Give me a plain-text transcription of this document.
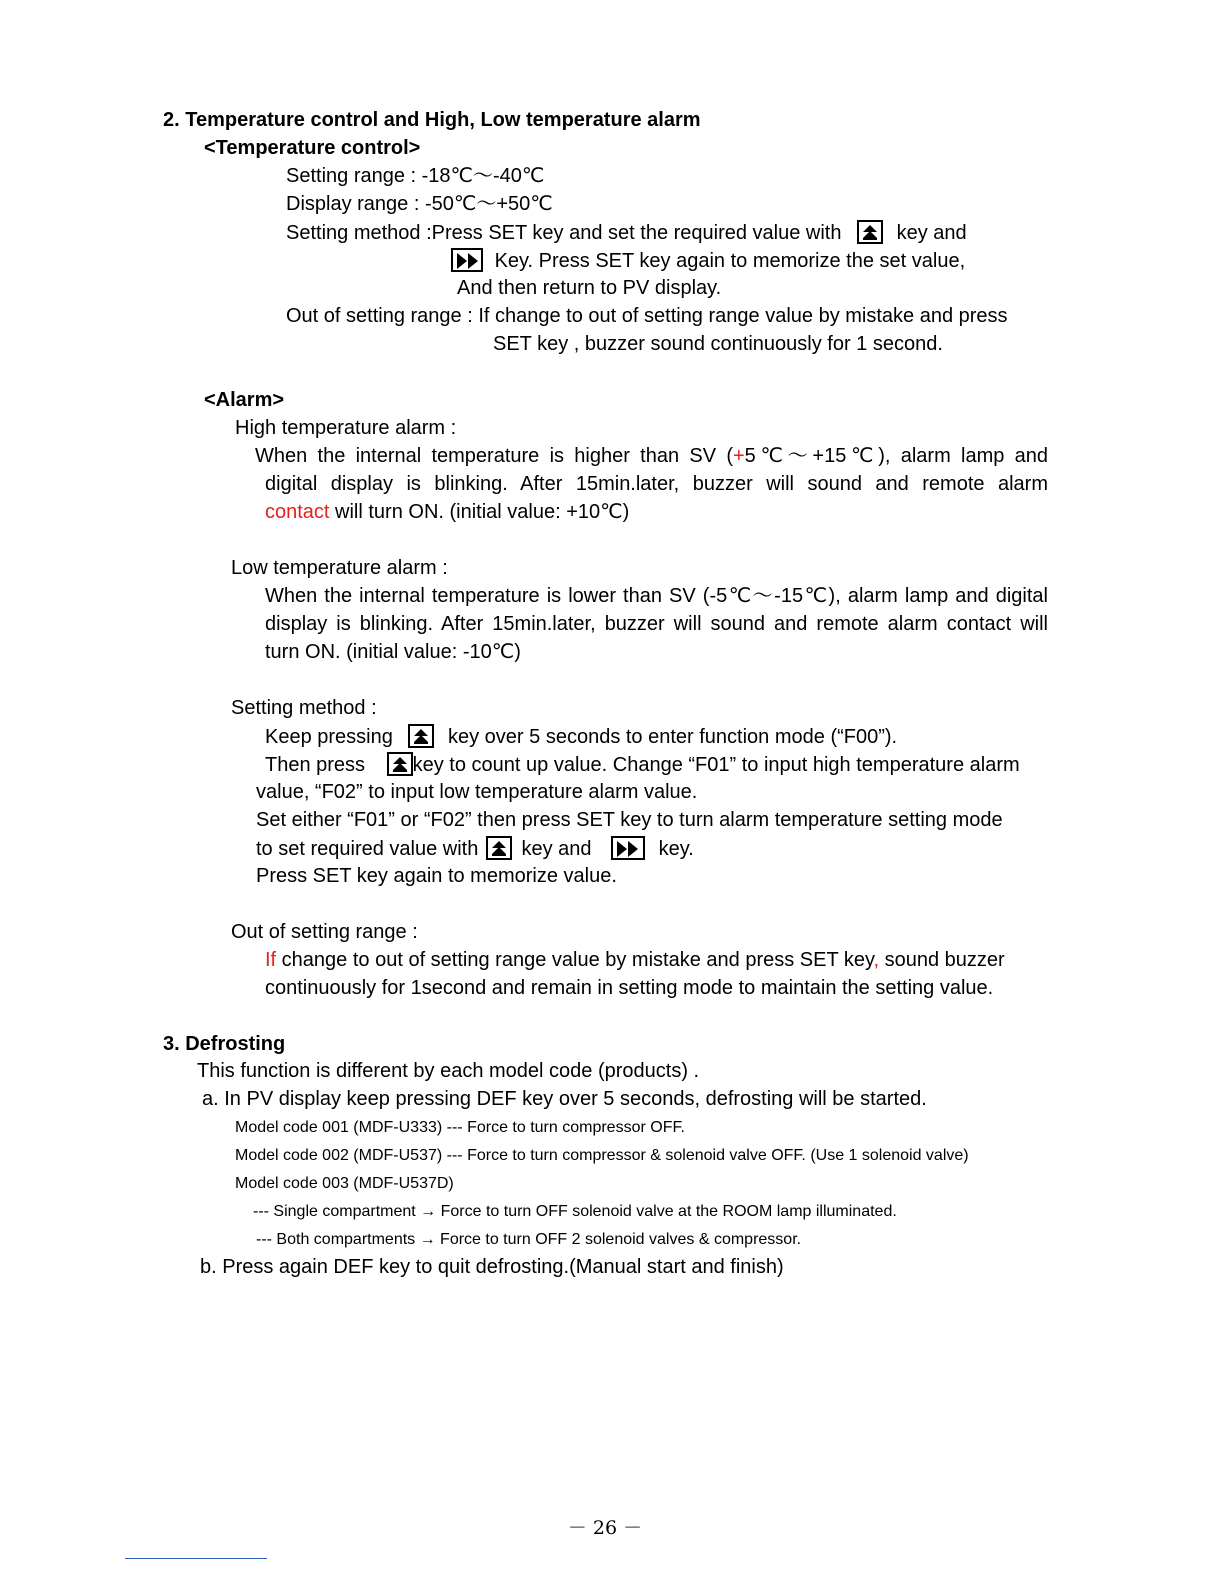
2. Temperature control and High, Low temperature alarm
<Temperature control>
Setting range : -18℃～-40℃
Display range : -50℃～+50℃
Setting method :Press SET key and set the required value with	key and
Key. Press SET key again to memorize the set value,
And then return to PV display.
Out of setting range : If change to out of setting range value by mistake and press
SET key , buzzer sound continuously for 1 second.
<Alarm>
High temperature alarm :
When the internal temperature is higher than SV (+5℃～+15℃), alarm lamp and
digital display is blinking. After 15min.later, buzzer will sound and remote alarm
contact will turn ON. (initial value: +10℃)
Low temperature alarm :
When the internal temperature is lower than SV (-5℃～-15℃), alarm lamp and digital
display is blinking. After 15min.later, buzzer will sound and remote alarm contact will
turn ON. (initial value: -10℃)
Setting method :
Keep pressing	key over 5 seconds to enter function mode (“F00”).
Then press key to count up value. Change “F01” to input high temperature alarm
value, “F02” to input low temperature alarm value.
Set either “F01” or “F02” then press SET key to turn alarm temperature setting mode
to set required value with key and	key.
Press SET key again to memorize value.
Out of setting range :
If change to out of setting range value by mistake and press SET key, sound buzzer
continuously for 1second and remain in setting mode to maintain the setting value.
3. Defrosting
This function is different by each model code (products) .
a. In PV display keep pressing DEF key over 5 seconds, defrosting will be started.
Model code 001 (MDF-U333) --- Force to turn compressor OFF.
Model code 002 (MDF-U537) --- Force to turn compressor & solenoid valve OFF. (Use 1 solenoid valve)
Model code 003 (MDF-U537D)
--- Single compartment → Force to turn OFF solenoid valve at the ROOM lamp illuminated.
--- Both compartments → Force to turn OFF 2 solenoid valves & compressor.
b. Press again DEF key to quit defrosting.(Manual start and finish)
－ 26 －
